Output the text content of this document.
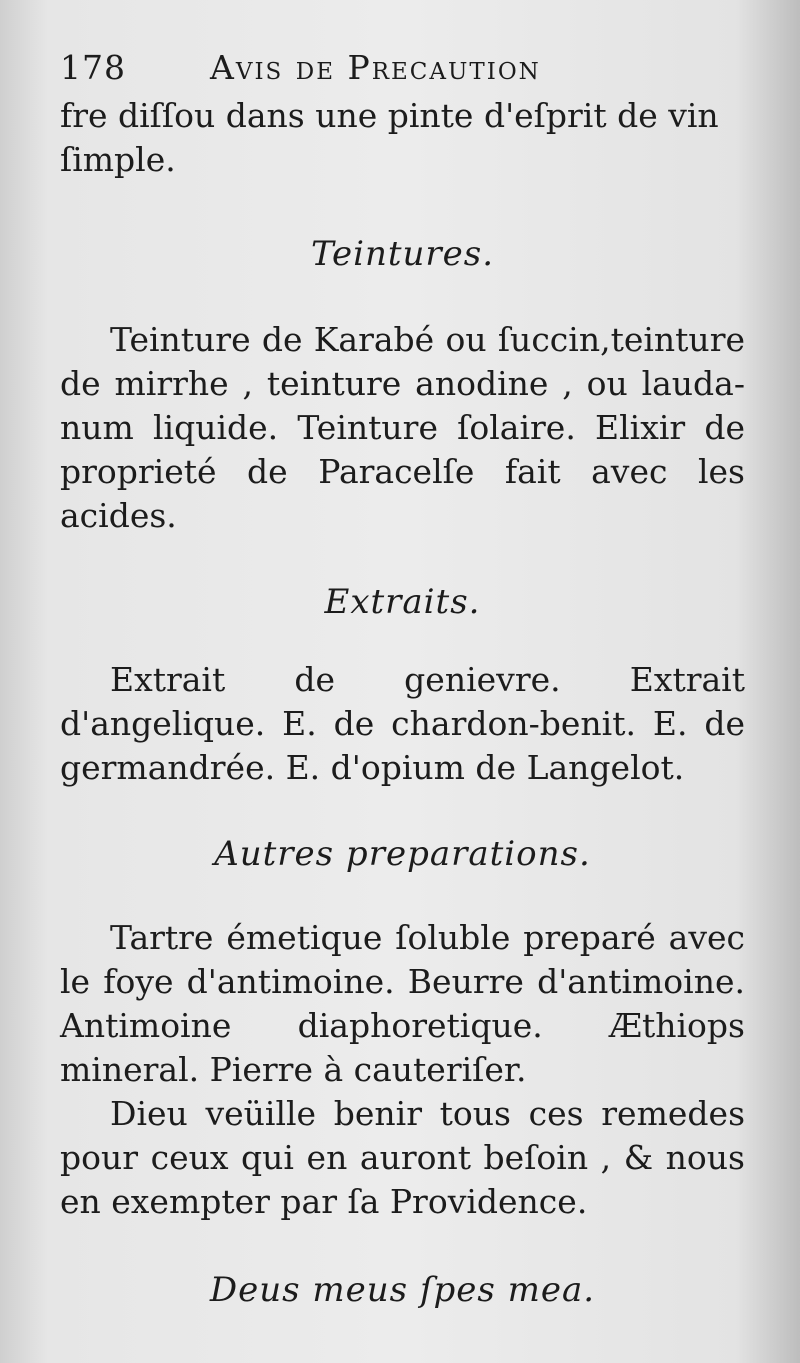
178	Avis de Precaution

fre diſſou dans une pinte d'eſprit de vin

ſimple.

Teintures.

Teinture de Karabé ou ſuccin,teinture de mirrhe , teinture anodine , ou lauda-num liquide. Teinture ſolaire. Elixir de proprieté de Paracelſe fait avec les acides.

Extraits.

Extrait de genievre. Extrait d'angelique. E. de chardon-benit. E. de germandrée. E. d'opium de Langelot.

Autres preparations.

Tartre émetique ſoluble preparé avec le foye d'antimoine. Beurre d'antimoine. Antimoine diaphoretique. Æthiops mineral. Pierre à cauteriſer.

Dieu veüille benir tous ces remedes pour ceux qui en auront beſoin , & nous en exempter par ſa Providence.

Deus meus ſpes mea.
